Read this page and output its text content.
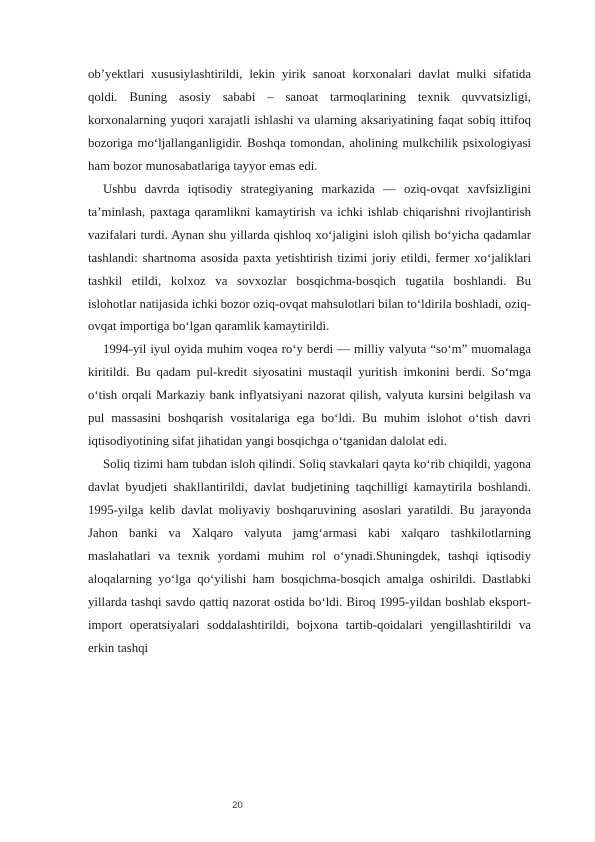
ob’yektlari xususiylashtirildi, lekin yirik sanoat korxonalari davlat mulki sifatida qoldi. Buning asosiy sababi – sanoat tarmoqlarining texnik quvvatsizligi, korxonalarning yuqori xarajatli ishlashi va ularning aksariyatining faqat sobiq ittifoq bozoriga mo‘ljallanganligidir. Boshqa tomondan, aholining mulkchilik psixologiyasi ham bozor munosabatlariga tayyor emas edi.

Ushbu davrda iqtisodiy strategiyaning markazida — oziq-ovqat xavfsizligini ta’minlash, paxtaga qaramlikni kamaytirish va ichki ishlab chiqarishni rivojlantirish vazifalari turdi. Aynan shu yillarda qishloq xo‘jaligini isloh qilish bo‘yicha qadamlar tashlandi: shartnoma asosida paxta yetishtirish tizimi joriy etildi, fermer xo‘jaliklari tashkil etildi, kolxoz va sovxozlar bosqichma-bosqich tugatila boshlandi. Bu islohotlar natijasida ichki bozor oziq-ovqat mahsulotlari bilan to‘ldirila boshladi, oziq-ovqat importiga bo‘lgan qaramlik kamaytirildi.

1994-yil iyul oyida muhim voqea ro‘y berdi — milliy valyuta “so‘m” muomalaga kiritildi. Bu qadam pul-kredit siyosatini mustaqil yuritish imkonini berdi. So‘mga o‘tish orqali Markaziy bank inflyatsiyani nazorat qilish, valyuta kursini belgilash va pul massasini boshqarish vositalariga ega bo‘ldi. Bu muhim islohot o‘tish davri iqtisodiyotining sifat jihatidan yangi bosqichga o‘tganidan dalolat edi.

Soliq tizimi ham tubdan isloh qilindi. Soliq stavkalari qayta ko‘rib chiqildi, yagona davlat byudjeti shakllantirildi, davlat budjetining taqchilligi kamaytirila boshlandi. 1995-yilga kelib davlat moliyaviy boshqaruvining asoslari yaratildi. Bu jarayonda Jahon banki va Xalqaro valyuta jamg‘armasi kabi xalqaro tashkilotlarning maslahatlari va texnik yordami muhim rol o‘ynadi.Shuningdek, tashqi iqtisodiy aloqalarning yo‘lga qo‘yilishi ham bosqichma-bosqich amalga oshirildi. Dastlabki yillarda tashqi savdo qattiq nazorat ostida bo‘ldi. Biroq 1995-yildan boshlab eksport-import operatsiyalari soddalashtirildi, bojxona tartib-qoidalari yengillashtirildi va erkin tashqi

20
